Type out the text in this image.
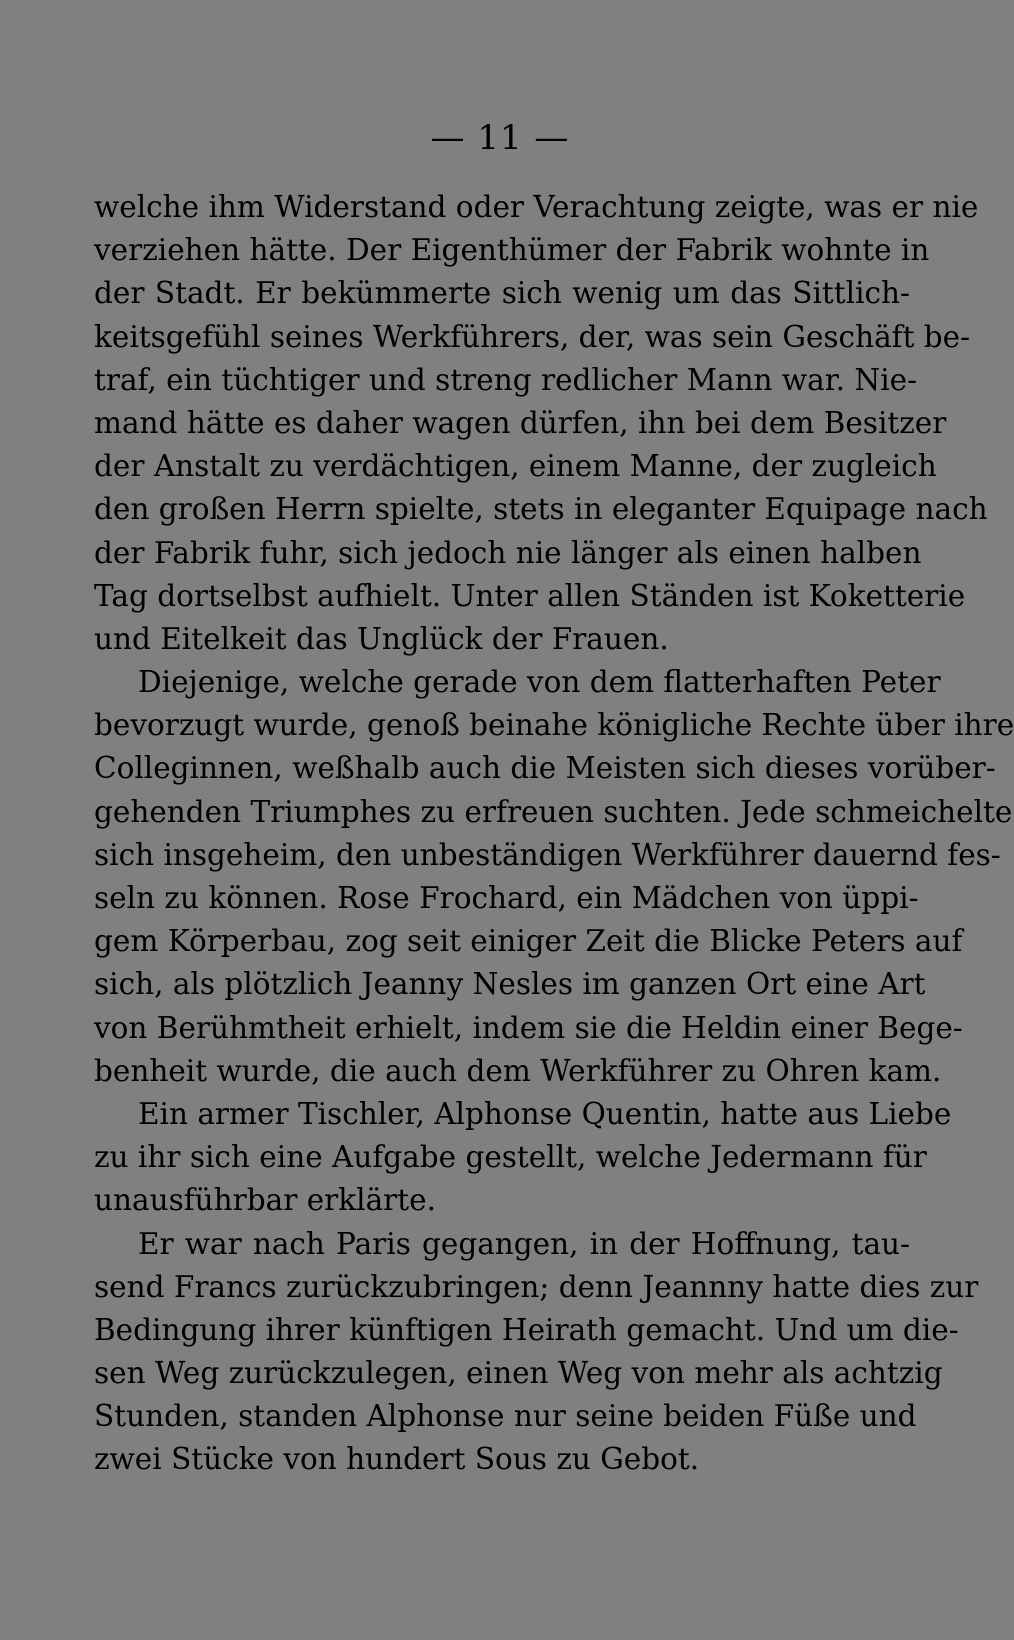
— 11 —
welche ihm Widerstand oder Verachtung zeigte, was er nie
verziehen hätte. Der Eigenthümer der Fabrik wohnte in
der Stadt. Er bekümmerte sich wenig um das Sittlich-
keitsgefühl seines Werkführers, der, was sein Geschäft be-
traf, ein tüchtiger und streng redlicher Mann war. Nie-
mand hätte es daher wagen dürfen, ihn bei dem Besitzer
der Anstalt zu verdächtigen, einem Manne, der zugleich
den großen Herrn spielte, stets in eleganter Equipage nach
der Fabrik fuhr, sich jedoch nie länger als einen halben
Tag dortselbst aufhielt. Unter allen Ständen ist Koketterie
und Eitelkeit das Unglück der Frauen.
Diejenige, welche gerade von dem flatterhaften Peter
bevorzugt wurde, genoß beinahe königliche Rechte über ihre
Colleginnen, weßhalb auch die Meisten sich dieses vorüber-
gehenden Triumphes zu erfreuen suchten. Jede schmeichelte
sich insgeheim, den unbeständigen Werkführer dauernd fes-
seln zu können. Rose Frochard, ein Mädchen von üppi-
gem Körperbau, zog seit einiger Zeit die Blicke Peters auf
sich, als plötzlich Jeanny Nesles im ganzen Ort eine Art
von Berühmtheit erhielt, indem sie die Heldin einer Bege-
benheit wurde, die auch dem Werkführer zu Ohren kam.
Ein armer Tischler, Alphonse Quentin, hatte aus Liebe
zu ihr sich eine Aufgabe gestellt, welche Jedermann für
unausführbar erklärte.
Er war nach Paris gegangen, in der Hoffnung, tau-
send Francs zurückzubringen; denn Jeannny hatte dies zur
Bedingung ihrer künftigen Heirath gemacht. Und um die-
sen Weg zurückzulegen, einen Weg von mehr als achtzig
Stunden, standen Alphonse nur seine beiden Füße und
zwei Stücke von hundert Sous zu Gebot.
